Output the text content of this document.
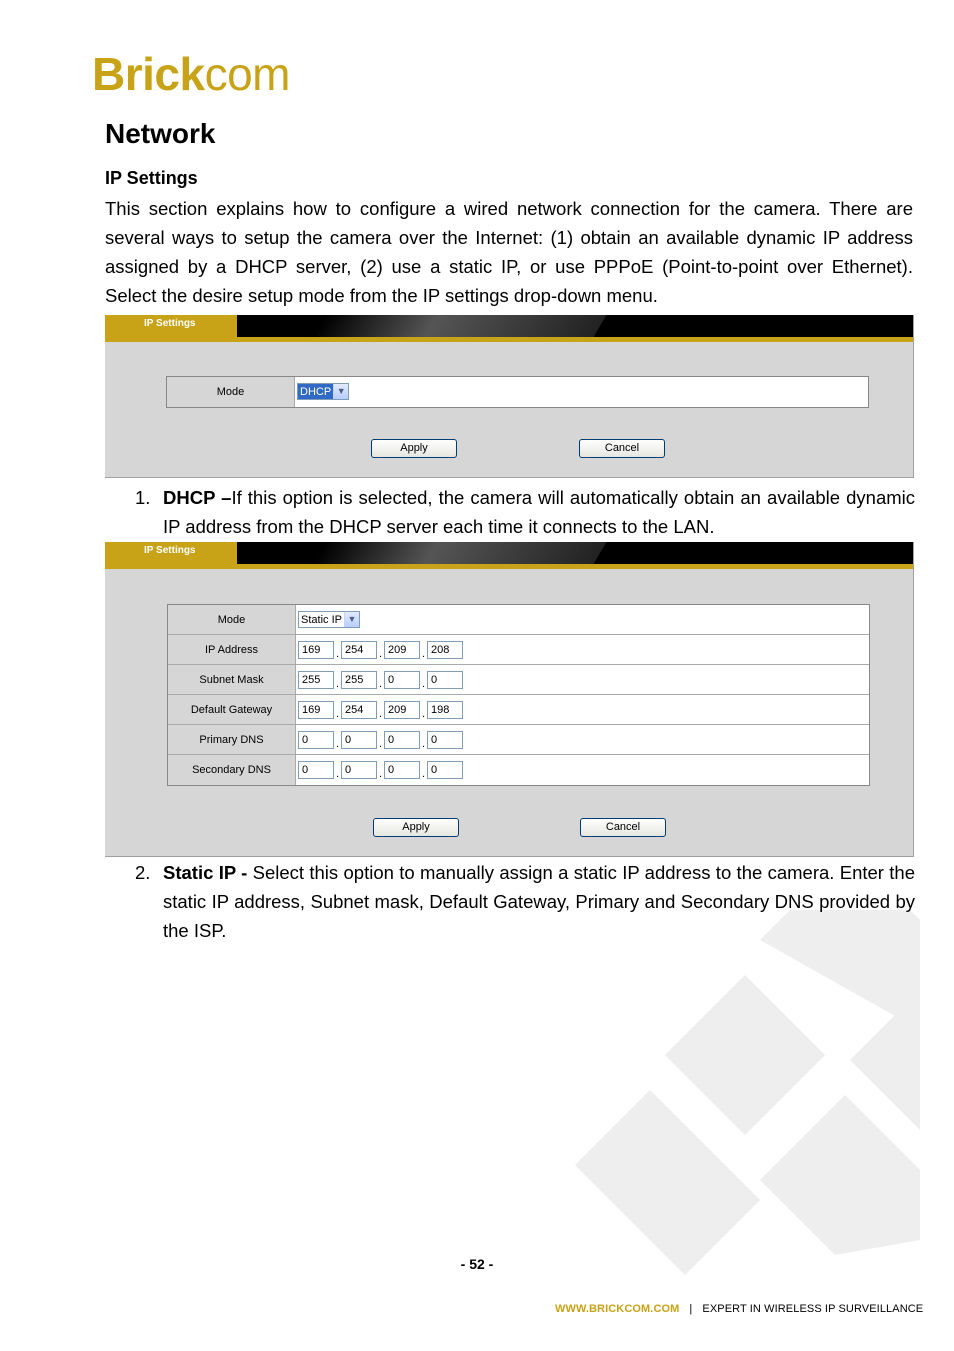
Brickcom
Network
IP Settings
This section explains how to configure a wired network connection for the camera. There are several ways to setup the camera over the Internet: (1) obtain an available dynamic IP address assigned by a DHCP server, (2) use a static IP, or use PPPoE (Point-to-point over Ethernet). Select the desire setup mode from the IP settings drop-down menu.
IP Settings
Mode	DHCP ▼
Apply	Cancel
1. DHCP –If this option is selected, the camera will automatically obtain an available dynamic IP address from the DHCP server each time it connects to the LAN.
IP Settings
Mode	Static IP ▼
IP Address	169	. 254	. 209	. 208
Subnet Mask	255	. 255	. 0	. 0
Default Gateway	169	. 254	. 209	. 198
Primary DNS	0	. 0	. 0	. 0
Secondary DNS	0	. 0	. 0	. 0
Apply	Cancel
2. Static IP - Select this option to manually assign a static IP address to the camera. Enter the static IP address, Subnet mask, Default Gateway, Primary and Secondary DNS provided by the ISP.
- 52 -
WWW.BRICKCOM.COM | EXPERT IN WIRELESS IP SURVEILLANCE
